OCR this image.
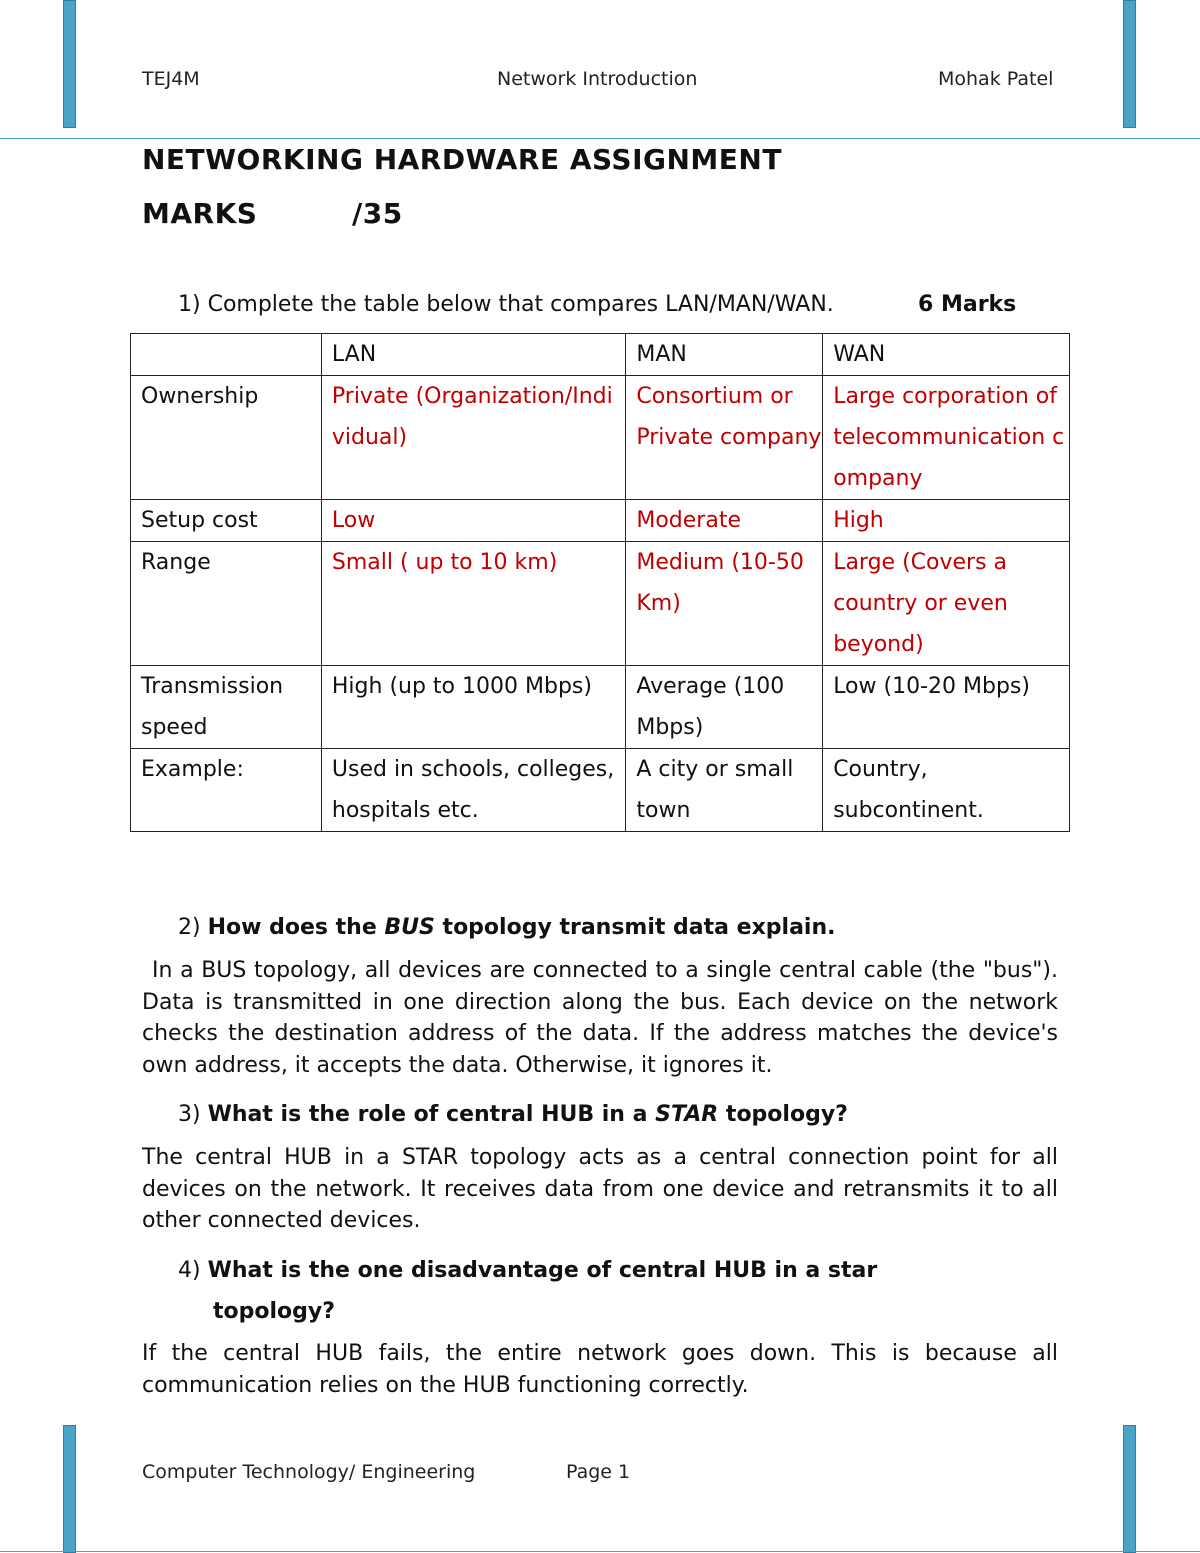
TEJ4M	Network Introduction	Mohak Patel
NETWORKING HARDWARE ASSIGNMENT
MARKS	/35
1) Complete the table below that compares LAN/MAN/WAN.	6 Marks
	LAN	MAN	WAN
Ownership	Private (Organization/Individual)	Consortium or Private company	Large corporation of telecommunication company
Setup cost	Low	Moderate	High
Range	Small ( up to 10 km)	Medium (10-50 Km)	Large (Covers a country or even beyond)
Transmission speed	High (up to 1000 Mbps)	Average (100 Mbps)	Low (10-20 Mbps)
Example:	Used in schools, colleges, hospitals etc.	A city or small town	Country, subcontinent.
2) How does the BUS topology transmit data explain.
In a BUS topology, all devices are connected to a single central cable (the "bus"). Data is transmitted in one direction along the bus. Each device on the network checks the destination address of the data. If the address matches the device's own address, it accepts the data. Otherwise, it ignores it.
3) What is the role of central HUB in a STAR topology?
The central HUB in a STAR topology acts as a central connection point for all devices on the network. It receives data from one device and retransmits it to all other connected devices.
4) What is the one disadvantage of central HUB in a star
topology?
If the central HUB fails, the entire network goes down. This is because all communication relies on the HUB functioning correctly.
Computer Technology/ Engineering	Page 1
